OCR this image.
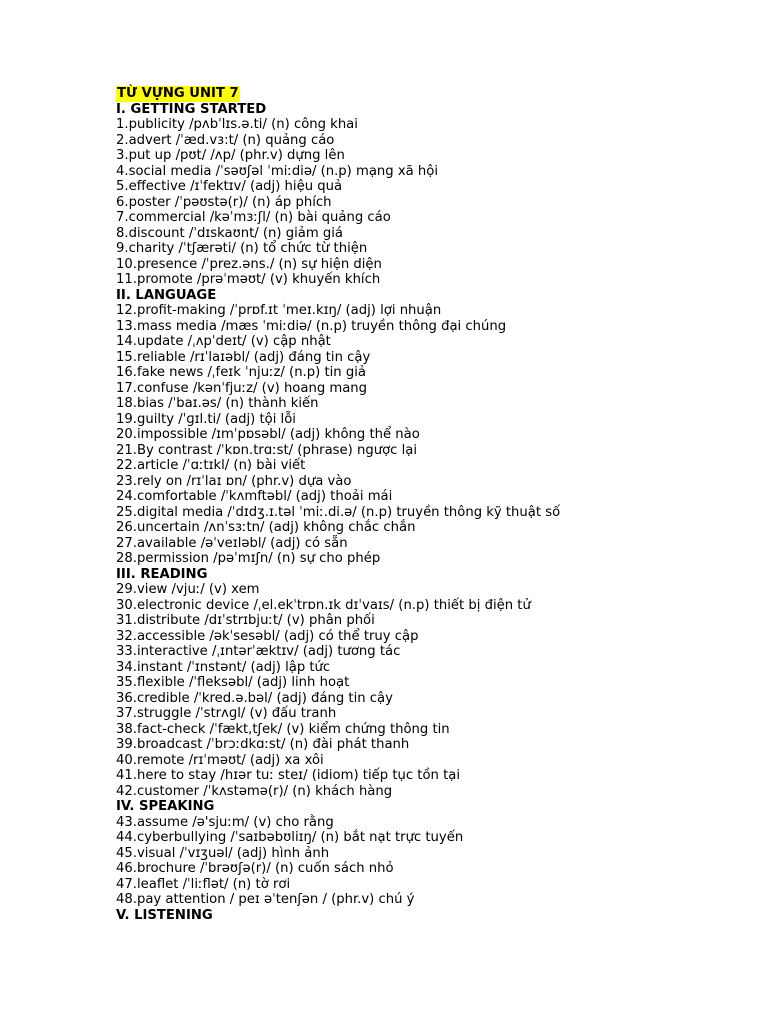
TỪ VỰNG UNIT 7
I. GETTING STARTED
1.publicity /pʌbˈlɪs.ə.ti/ (n) công khai
2.advert /ˈæd.vɜ:t/ (n) quảng cáo
3.put up /pʊt/ /ʌp/ (phr.v) dựng lên
4.social media /ˈsəʊʃəl ˈmiːdiə/ (n.p) mạng xã hội
5.effective /ɪˈfektɪv/ (adj) hiệu quả
6.poster /ˈpəʊstə(r)/ (n) áp phích
7.commercial /kəˈmɜːʃl/ (n) bài quảng cáo
8.discount /ˈdɪskaʊnt/ (n) giảm giá
9.charity /ˈtʃærəti/ (n) tổ chức từ thiện
10.presence /ˈprez.əns./ (n) sự hiện diện
11.promote /prəˈməʊt/ (v) khuyến khích
II. LANGUAGE
12.profit-making /ˈprɒf.ɪt ˈmeɪ.kɪŋ/ (adj) lợi nhuận
13.mass media /mæs ˈmiːdiə/ (n.p) truyền thông đại chúng
14.update /ˌʌpˈdeɪt/ (v) cập nhật
15.reliable /rɪˈlaɪəbl/ (adj) đáng tin cậy
16.fake news /ˌfeɪk ˈnjuːz/ (n.p) tin giả
17.confuse /kənˈfjuːz/ (v) hoang mang
18.bias /ˈbaɪ.əs/ (n) thành kiến
19.guilty /ˈɡɪl.ti/ (adj) tội lỗi
20.impossible /ɪmˈpɒsəbl/ (adj) không thể nào
21.By contrast /ˈkɒn.trɑːst/ (phrase) ngược lại
22.article /ˈɑːtɪkl/ (n) bài viết
23.rely on /rɪˈlaɪ ɒn/ (phr.v) dựa vào
24.comfortable /ˈkʌmftəbl/ (adj) thoải mái
25.digital media /ˈdɪdʒ.ɪ.təl ˈmiː.di.ə/ (n.p) truyền thông kỹ thuật số
26.uncertain /ʌnˈsɜːtn/ (adj) không chắc chắn
27.available /əˈveɪləbl/ (adj) có sẵn
28.permission /pəˈmɪʃn/ (n) sự cho phép
III. READING
29.view /vjuː/ (v) xem
30.electronic device /ˌel.ekˈtrɒn.ɪk dɪˈvaɪs/ (n.p) thiết bị điện tử
31.distribute /dɪˈstrɪbjuːt/ (v) phân phối
32.accessible /əkˈsesəbl/ (adj) có thể truy cập
33.interactive /ˌɪntərˈæktɪv/ (adj) tương tác
34.instant /ˈɪnstənt/ (adj) lập tức
35.flexible /ˈfleksəbl/ (adj) linh hoạt
36.credible /ˈkred.ə.bəl/ (adj) đáng tin cậy
37.struggle /ˈstrʌɡl/ (v) đấu tranh
38.fact-check /ˈfækt,tʃek/ (v) kiểm chứng thông tin
39.broadcast /ˈbrɔːdkɑːst/ (n) đài phát thanh
40.remote /rɪˈməʊt/ (adj) xa xôi
41.here to stay /hɪər tuː steɪ/ (idiom) tiếp tục tồn tại
42.customer /ˈkʌstəmə(r)/ (n) khách hàng
IV. SPEAKING
43.assume /ə'sjuːm/ (v) cho rằng
44.cyberbullying /ˈsaɪbəbʊliɪŋ/ (n) bắt nạt trực tuyến
45.visual /ˈvɪʒuəl/ (adj) hình ảnh
46.brochure /ˈbrəʊʃə(r)/ (n) cuốn sách nhỏ
47.leaflet /ˈliːflət/ (n) tờ rơi
48.pay attention / peɪ əˈtenʃən / (phr.v) chú ý
V. LISTENING
